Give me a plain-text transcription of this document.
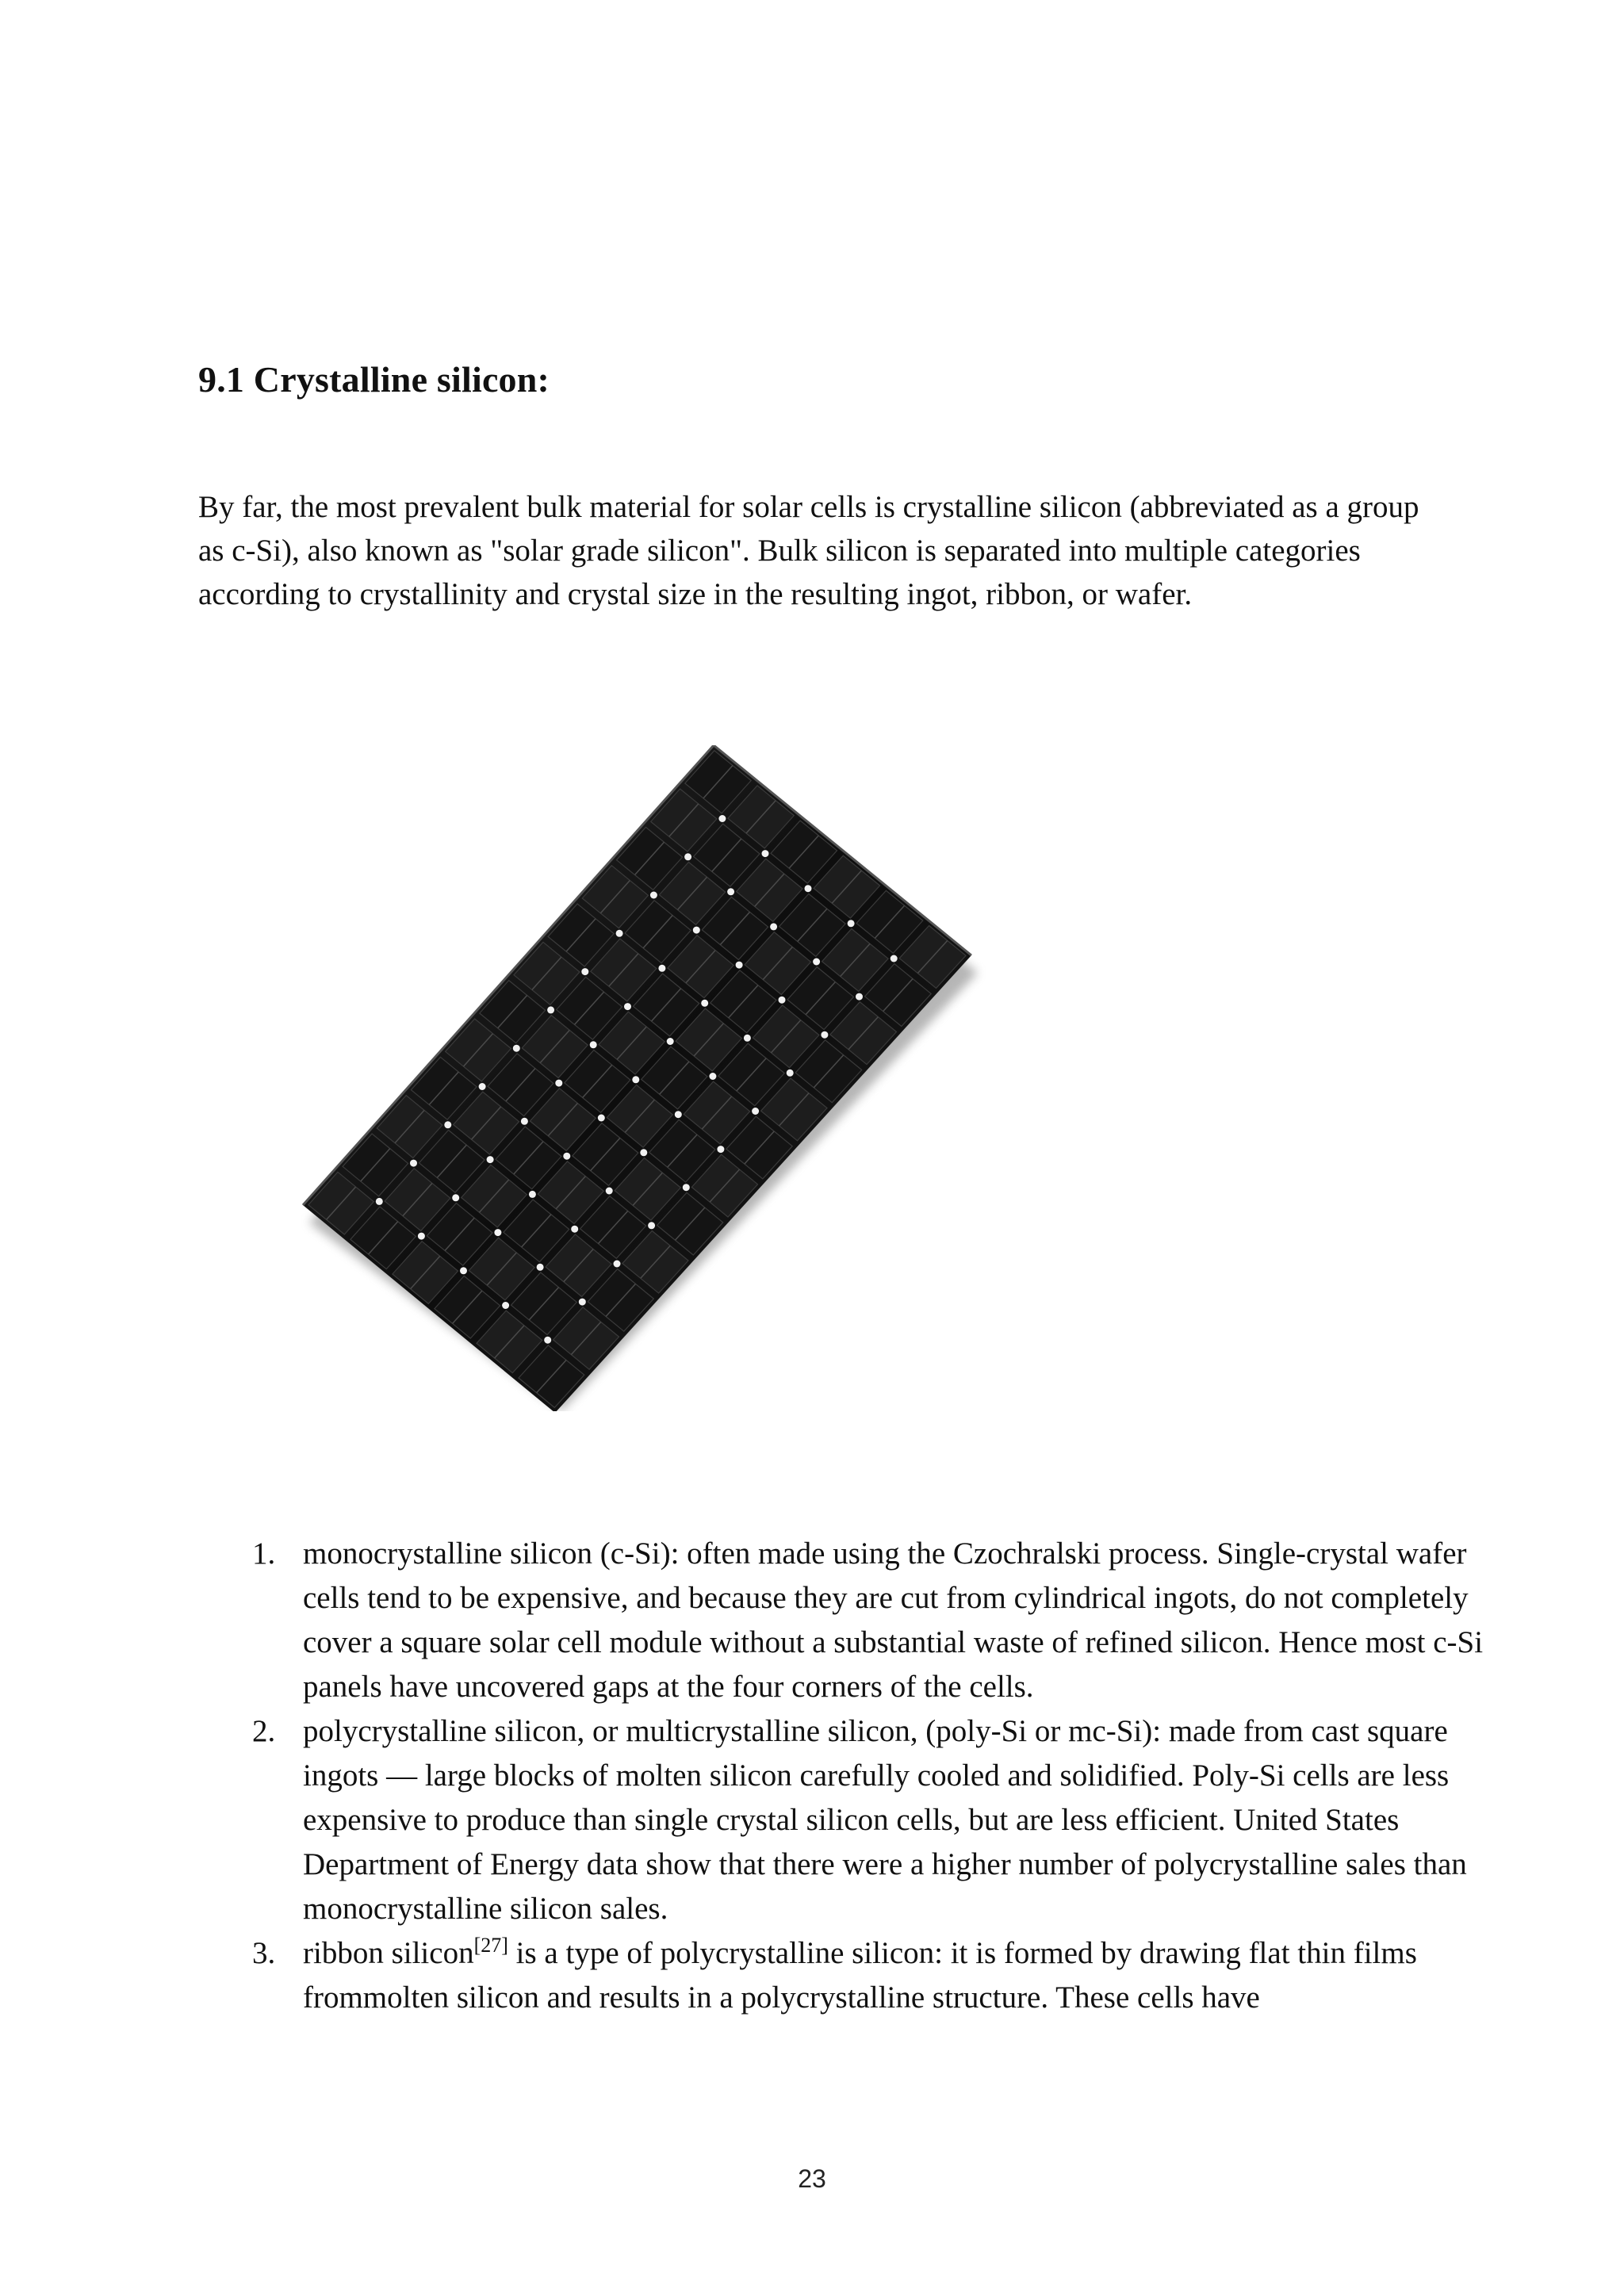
9.1 Crystalline silicon:

By far, the most prevalent bulk material for solar cells is crystalline silicon (abbreviated as a group as c-Si), also known as "solar grade silicon". Bulk silicon is separated into multiple categories according to crystallinity and crystal size in the resulting ingot, ribbon, or wafer.

1. monocrystalline silicon (c-Si): often made using the Czochralski process. Single-crystal wafer cells tend to be expensive, and because they are cut from cylindrical ingots, do not completely cover a square solar cell module without a substantial waste of refined silicon. Hence most c-Si panels have uncovered gaps at the four corners of the cells.
2. polycrystalline silicon, or multicrystalline silicon, (poly-Si or mc-Si): made from cast square ingots — large blocks of molten silicon carefully cooled and solidified. Poly-Si cells are less expensive to produce than single crystal silicon cells, but are less efficient. United States Department of Energy data show that there were a higher number of polycrystalline sales than monocrystalline silicon sales.
3. ribbon silicon[27] is a type of polycrystalline silicon: it is formed by drawing flat thin films frommolten silicon and results in a polycrystalline structure. These cells have
23
